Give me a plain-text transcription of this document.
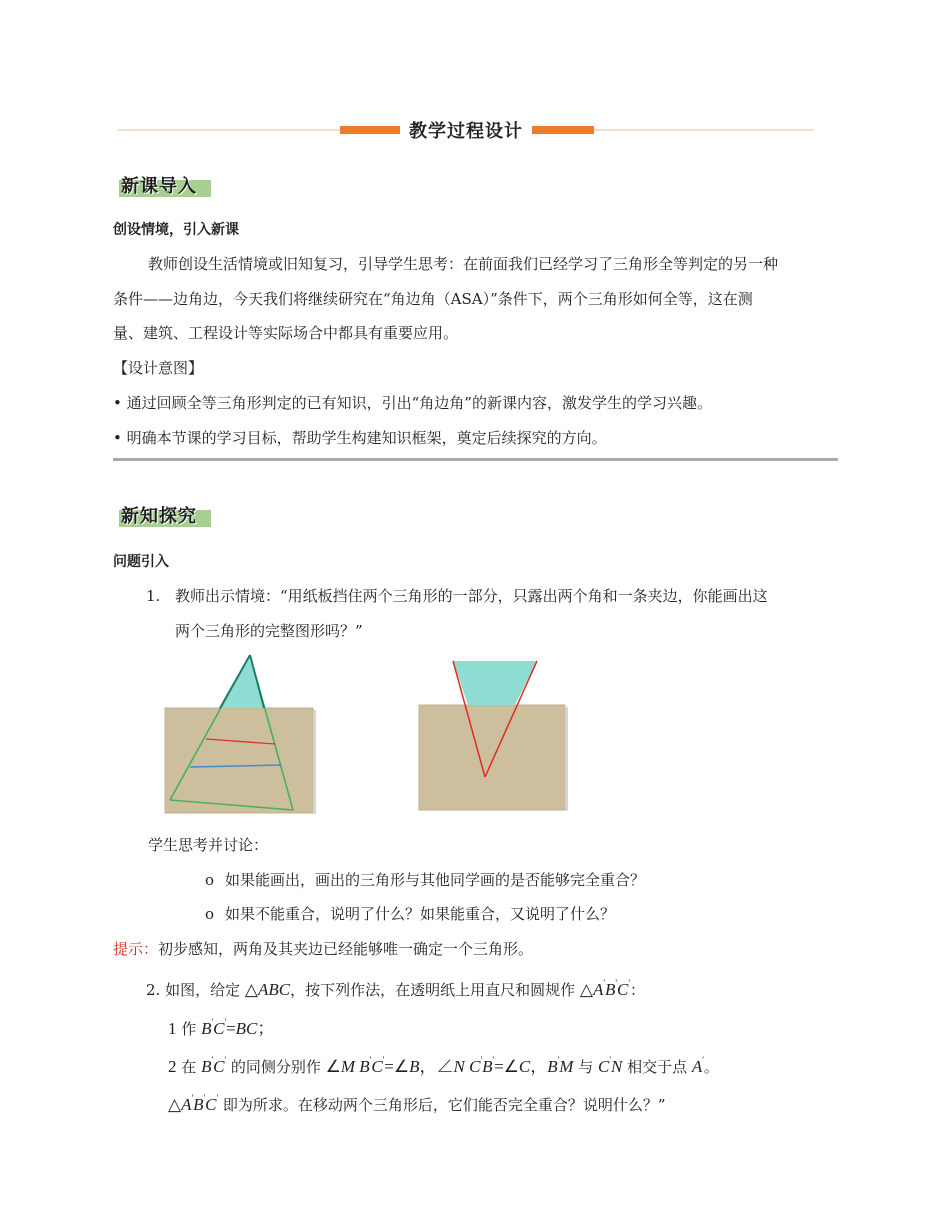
教学过程设计
新课导入
创设情境，引入新课
教师创设生活情境或旧知复习，引导学生思考：在前面我们已经学习了三角形全等判定的另一种
条件——边角边，今天我们将继续研究在“角边角（ASA）”条件下，两个三角形如何全等，这在测
量、建筑、工程设计等实际场合中都具有重要应用。
【设计意图】
• 通过回顾全等三角形判定的已有知识，引出“角边角”的新课内容，激发学生的学习兴趣。
• 明确本节课的学习目标，帮助学生构建知识框架，奠定后续探究的方向。
新知探究
问题引入
1. 教师出示情境：“用纸板挡住两个三角形的一部分，只露出两个角和一条夹边，你能画出这
两个三角形的完整图形吗？”
学生思考并讨论：
o 如果能画出，画出的三角形与其他同学画的是否能够完全重合？
o 如果不能重合，说明了什么？如果能重合，又说明了什么？
提示：初步感知，两角及其夹边已经能够唯一确定一个三角形。
2. 如图，给定 △ABC，按下列作法，在透明纸上用直尺和圆规作 △A'B'C'：
1 作 B'C'=BC；
2 在 B'C' 的同侧分别作 ∠M B'C'=∠B，∠N C'B'=∠C，B'M 与 C'N 相交于点 A'。
△A'B'C' 即为所求。在移动两个三角形后，它们能否完全重合？说明什么？”
